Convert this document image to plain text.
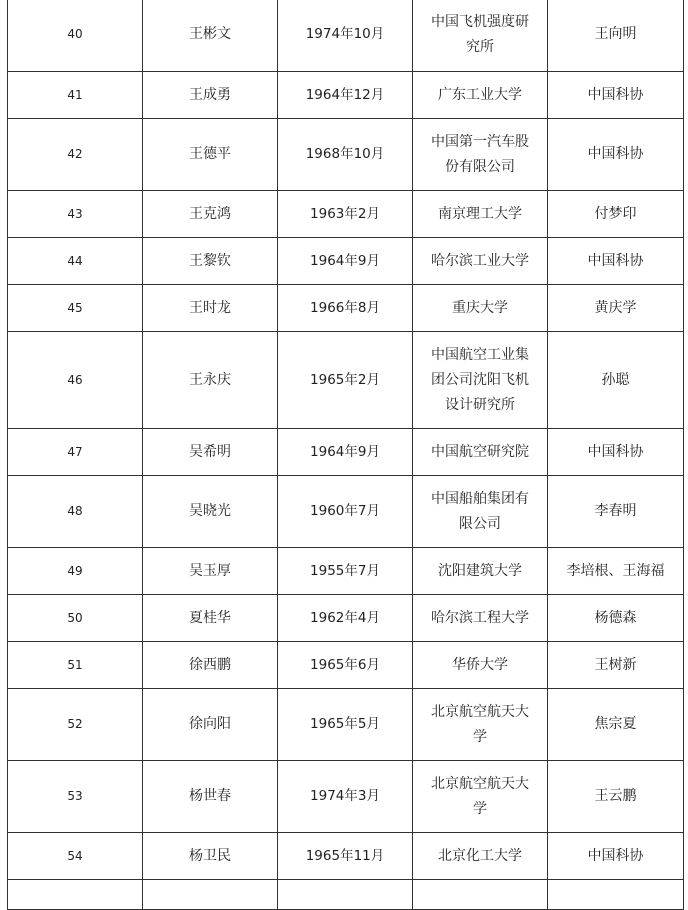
40	王彬文	1974年10月	中国飞机强度研究所	王向明
41	王成勇	1964年12月	广东工业大学	中国科协
42	王德平	1968年10月	中国第一汽车股份有限公司	中国科协
43	王克鸿	1963年2月	南京理工大学	付梦印
44	王黎钦	1964年9月	哈尔滨工业大学	中国科协
45	王时龙	1966年8月	重庆大学	黄庆学
46	王永庆	1965年2月	中国航空工业集团公司沈阳飞机设计研究所	孙聪
47	吴希明	1964年9月	中国航空研究院	中国科协
48	吴晓光	1960年7月	中国船舶集团有限公司	李春明
49	吴玉厚	1955年7月	沈阳建筑大学	李培根、王海福
50	夏桂华	1962年4月	哈尔滨工程大学	杨德森
51	徐西鹏	1965年6月	华侨大学	王树新
52	徐向阳	1965年5月	北京航空航天大学	焦宗夏
53	杨世春	1974年3月	北京航空航天大学	王云鹏
54	杨卫民	1965年11月	北京化工大学	中国科协
